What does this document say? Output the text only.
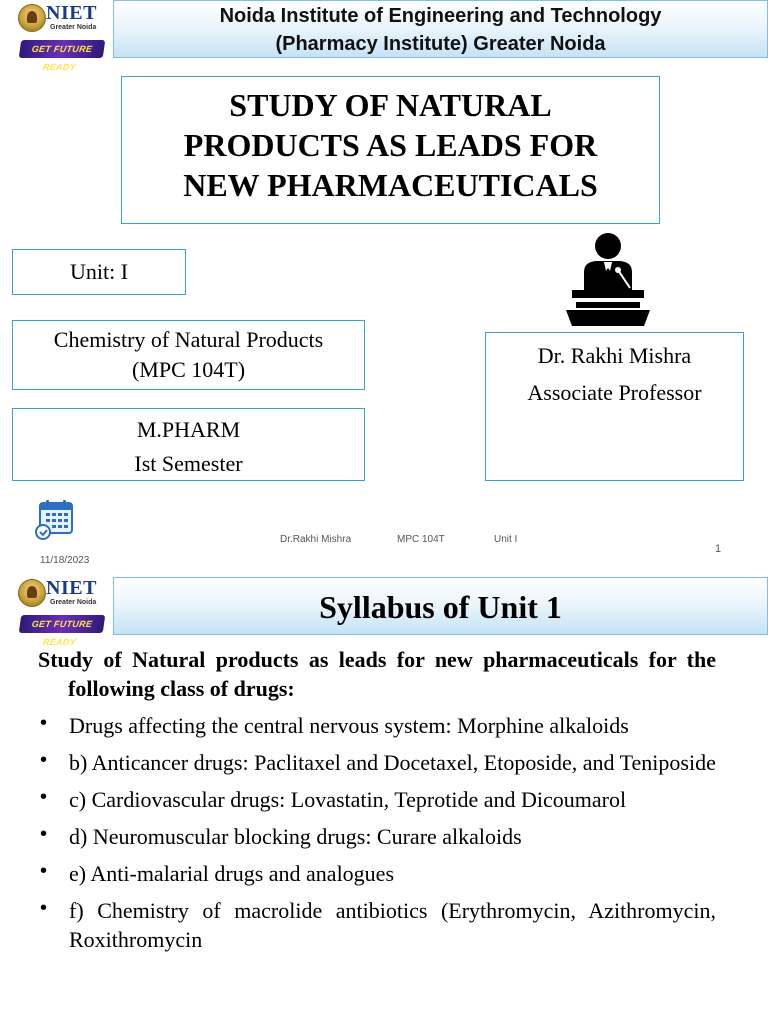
NIET
Greater Noida
GET FUTURE READY
Noida Institute of Engineering and Technology
(Pharmacy Institute) Greater Noida
STUDY OF NATURAL
PRODUCTS AS LEADS FOR
NEW PHARMACEUTICALS
Unit: I
Chemistry of Natural Products
(MPC 104T)
M.PHARM
Ist Semester
Dr. Rakhi Mishra
Associate Professor
Dr.Rakhi Mishra	MPC 104T	Unit I
11/18/2023
1
NIET
Greater Noida
GET FUTURE READY
Syllabus of Unit 1

Study of Natural products as leads for new pharmaceuticals for the following class of drugs:

• Drugs affecting the central nervous system: Morphine alkaloids
• b) Anticancer drugs: Paclitaxel and Docetaxel, Etoposide, and Teniposide
• c) Cardiovascular drugs: Lovastatin, Teprotide and Dicoumarol
• d) Neuromuscular blocking drugs: Curare alkaloids
• e) Anti-malarial drugs and analogues
• f) Chemistry of macrolide antibiotics (Erythromycin, Azithromycin, Roxithromycin
